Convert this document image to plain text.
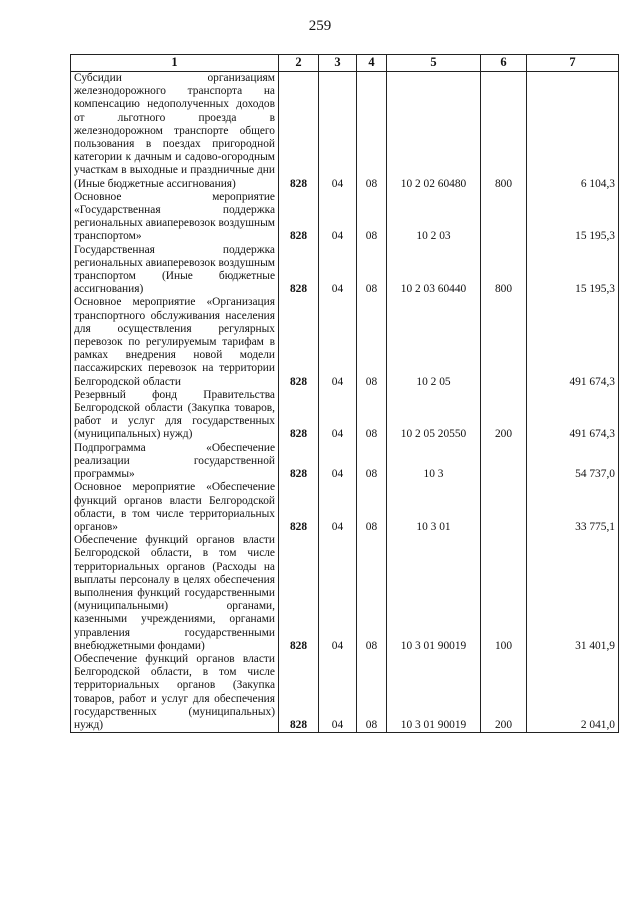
259
1	2	3	4	5	6	7
Субсидии организациям железнодорожного транспорта на компенсацию недополученных доходов от льготного проезда в железнодорожном транспорте общего пользования в поездах пригородной категории к дачным и садово-огородным участкам в выходные и праздничные дни (Иные бюджетные ассигнования)	828	04	08	10 2 02 60480	800	6 104,3
Основное мероприятие «Государственная поддержка региональных авиаперевозок воздушным транспортом»	828	04	08	10 2 03		15 195,3
Государственная поддержка региональных авиаперевозок воздушным транспортом (Иные бюджетные ассигнования)	828	04	08	10 2 03 60440	800	15 195,3
Основное мероприятие «Организация транспортного обслуживания населения для осуществления регулярных перевозок по регулируемым тарифам в рамках внедрения новой модели пассажирских перевозок на территории Белгородской области	828	04	08	10 2 05		491 674,3
Резервный фонд Правительства Белгородской области (Закупка товаров, работ и услуг для государственных (муниципальных) нужд)	828	04	08	10 2 05 20550	200	491 674,3
Подпрограмма «Обеспечение реализации государственной программы»	828	04	08	10 3		54 737,0
Основное мероприятие «Обеспечение функций органов власти Белгородской области, в том числе территориальных органов»	828	04	08	10 3 01		33 775,1
Обеспечение функций органов власти Белгородской области, в том числе территориальных органов (Расходы на выплаты персоналу в целях обеспечения выполнения функций государственными (муниципальными) органами, казенными учреждениями, органами управления государственными внебюджетными фондами)	828	04	08	10 3 01 90019	100	31 401,9
Обеспечение функций органов власти Белгородской области, в том числе территориальных органов (Закупка товаров, работ и услуг для обеспечения государственных (муниципальных) нужд)	828	04	08	10 3 01 90019	200	2 041,0
